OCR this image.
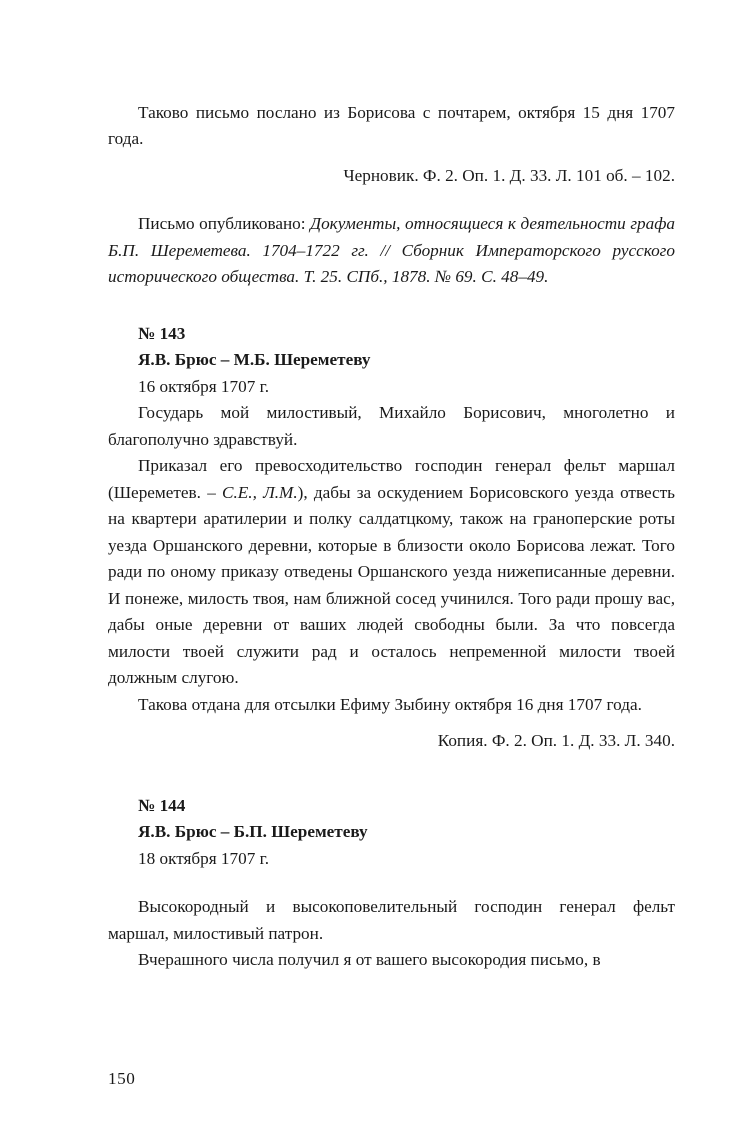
Таково письмо послано из Борисова с почтарем, октября 15 дня 1707 года.

Черновик. Ф. 2. Оп. 1. Д. 33. Л. 101 об. – 102.

Письмо опубликовано: Документы, относящиеся к деятельности графа Б.П. Шереметева. 1704–1722 гг. // Сборник Императорского русского исторического общества. Т. 25. СПб., 1878. № 69. С. 48–49.

№ 143

Я.В. Брюс – М.Б. Шереметеву

16 октября 1707 г.

Государь мой милостивый, Михайло Борисович, многолетно и благополучно здравствуй.

Приказал его превосходительство господин генерал фельт маршал (Шереметев. – С.Е., Л.М.), дабы за оскудением Борисовского уезда отвесть на квартери аратилерии и полку салдатцкому, також на граноперские роты уезда Оршанского деревни, которые в близости около Борисова лежат. Того ради по оному приказу отведены Оршанского уезда нижеписанные деревни. И понеже, милость твоя, нам ближной сосед учинился. Того ради прошу вас, дабы оные деревни от ваших людей свободны были. За что повсегда милости твоей служити рад и осталось непременной милости твоей должным слугою.

Такова отдана для отсылки Ефиму Зыбину октября 16 дня 1707 года.

Копия. Ф. 2. Оп. 1. Д. 33. Л. 340.

№ 144

Я.В. Брюс – Б.П. Шереметеву

18 октября 1707 г.

Высокородный и высокоповелительный господин генерал фельт маршал, милостивый патрон.

Вчерашного числа получил я от вашего высокородия письмо, в

150
